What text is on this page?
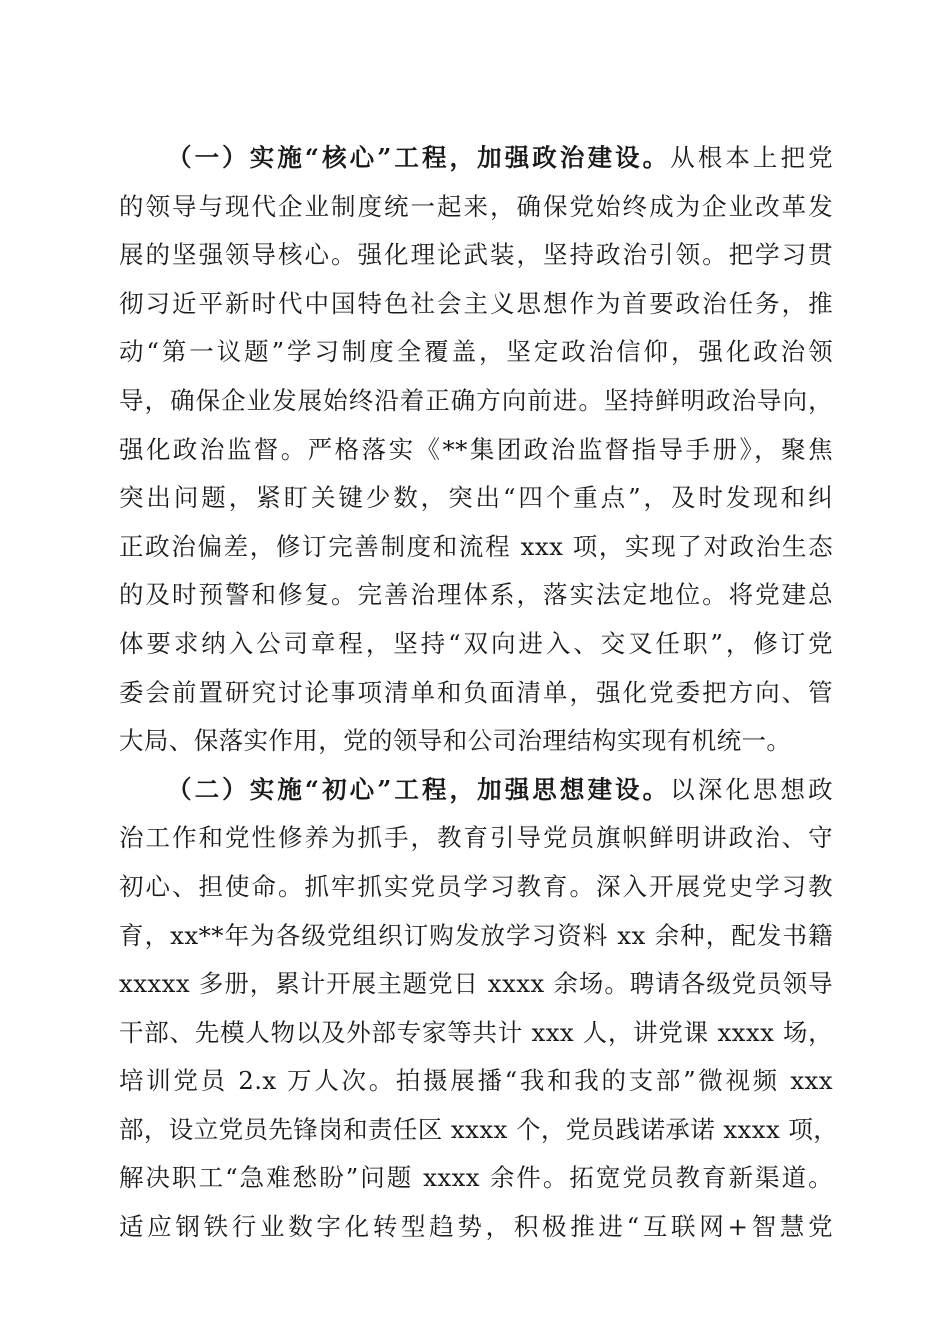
（一）实施“核心”工程，加强政治建设。从根本上把党
的领导与现代企业制度统一起来，确保党始终成为企业改革发
展的坚强领导核心。强化理论武装，坚持政治引领。把学习贯
彻习近平新时代中国特色社会主义思想作为首要政治任务，推
动“第一议题”学习制度全覆盖，坚定政治信仰，强化政治领
导，确保企业发展始终沿着正确方向前进。坚持鲜明政治导向，
强化政治监督。严格落实《**集团政治监督指导手册》，聚焦
突出问题，紧盯关键少数，突出“四个重点”，及时发现和纠
正政治偏差，修订完善制度和流程 xxx 项，实现了对政治生态
的及时预警和修复。完善治理体系，落实法定地位。将党建总
体要求纳入公司章程，坚持“双向进入、交叉任职”，修订党
委会前置研究讨论事项清单和负面清单，强化党委把方向、管
大局、保落实作用，党的领导和公司治理结构实现有机统一。
（二）实施“初心”工程，加强思想建设。以深化思想政
治工作和党性修养为抓手，教育引导党员旗帜鲜明讲政治、守
初心、担使命。抓牢抓实党员学习教育。深入开展党史学习教
育，xx**年为各级党组织订购发放学习资料 xx 余种，配发书籍
xxxxx 多册，累计开展主题党日 xxxx 余场。聘请各级党员领导
干部、先模人物以及外部专家等共计 xxx 人，讲党课 xxxx 场，
培训党员 2.x 万人次。拍摄展播“我和我的支部”微视频 xxx
部，设立党员先锋岗和责任区 xxxx 个，党员践诺承诺 xxxx 项，
解决职工“急难愁盼”问题 xxxx 余件。拓宽党员教育新渠道。
适应钢铁行业数字化转型趋势，积极推进“互联网+智慧党
